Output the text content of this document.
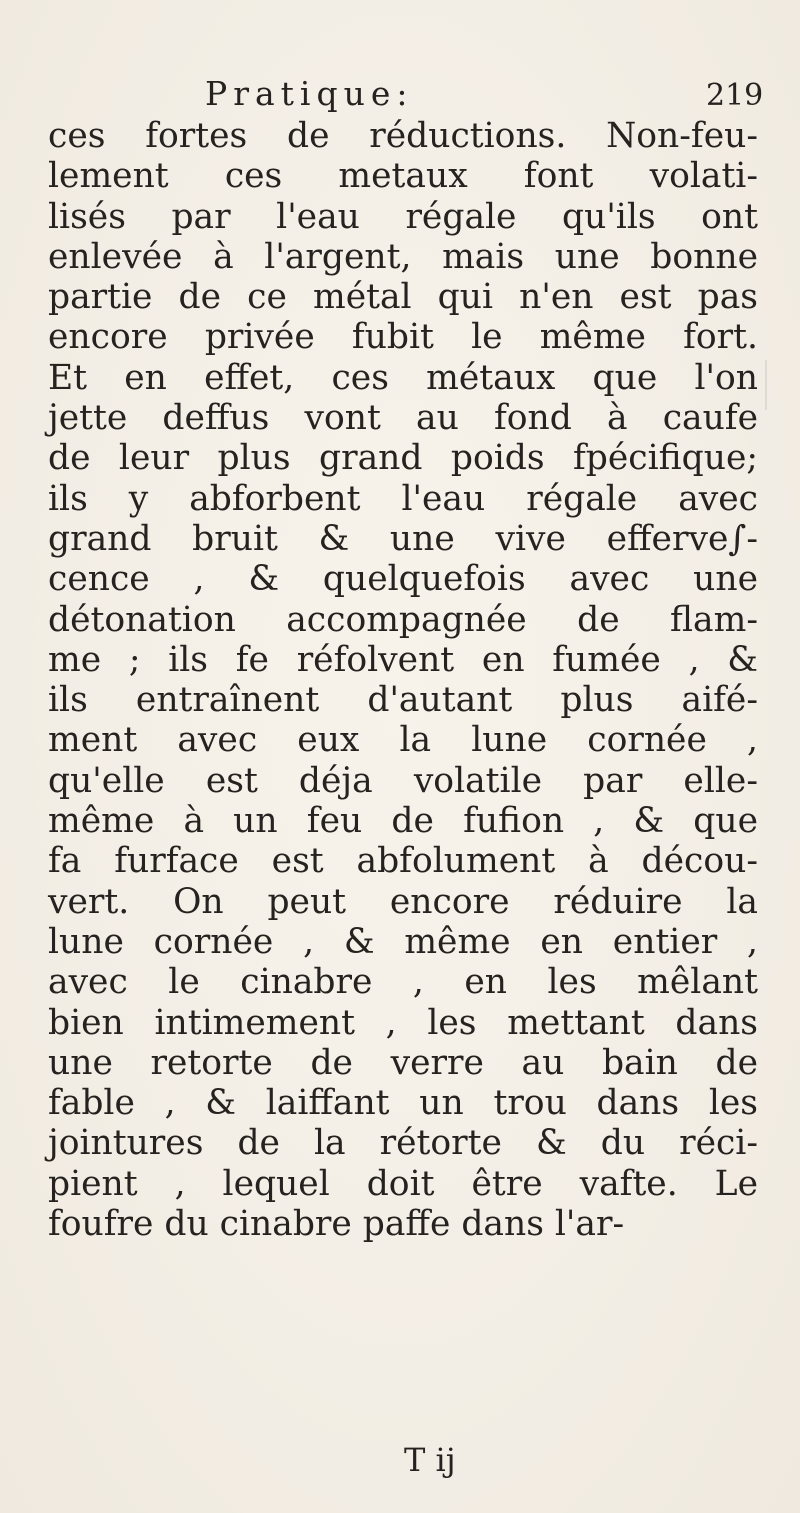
Pratique:	219
ces fortes de réductions. Non-feu-
lement ces metaux font volati-
lisés par l'eau régale qu'ils ont
enlevée à l'argent, mais une bonne
partie de ce métal qui n'en est pas
encore privée fubit le même fort.
Et en effet, ces métaux que l'on
jette deffus vont au fond à caufe
de leur plus grand poids fpécifique;
ils y abforbent l'eau régale avec
grand bruit & une vive efferve∫-
cence , & quelquefois avec une
détonation accompagnée de flam-
me ; ils fe réfolvent en fumée , &
ils entraînent d'autant plus aifé-
ment avec eux la lune cornée ,
qu'elle est déja volatile par elle-
même à un feu de fufion , & que
fa furface est abfolument à décou-
vert. On peut encore réduire la
lune cornée , & même en entier ,
avec le cinabre , en les mêlant
bien intimement , les mettant dans
une retorte de verre au bain de
fable , & laiffant un trou dans les
jointures de la rétorte & du réci-
pient , lequel doit être vafte. Le
foufre du cinabre paffe dans l'ar-
T ij
